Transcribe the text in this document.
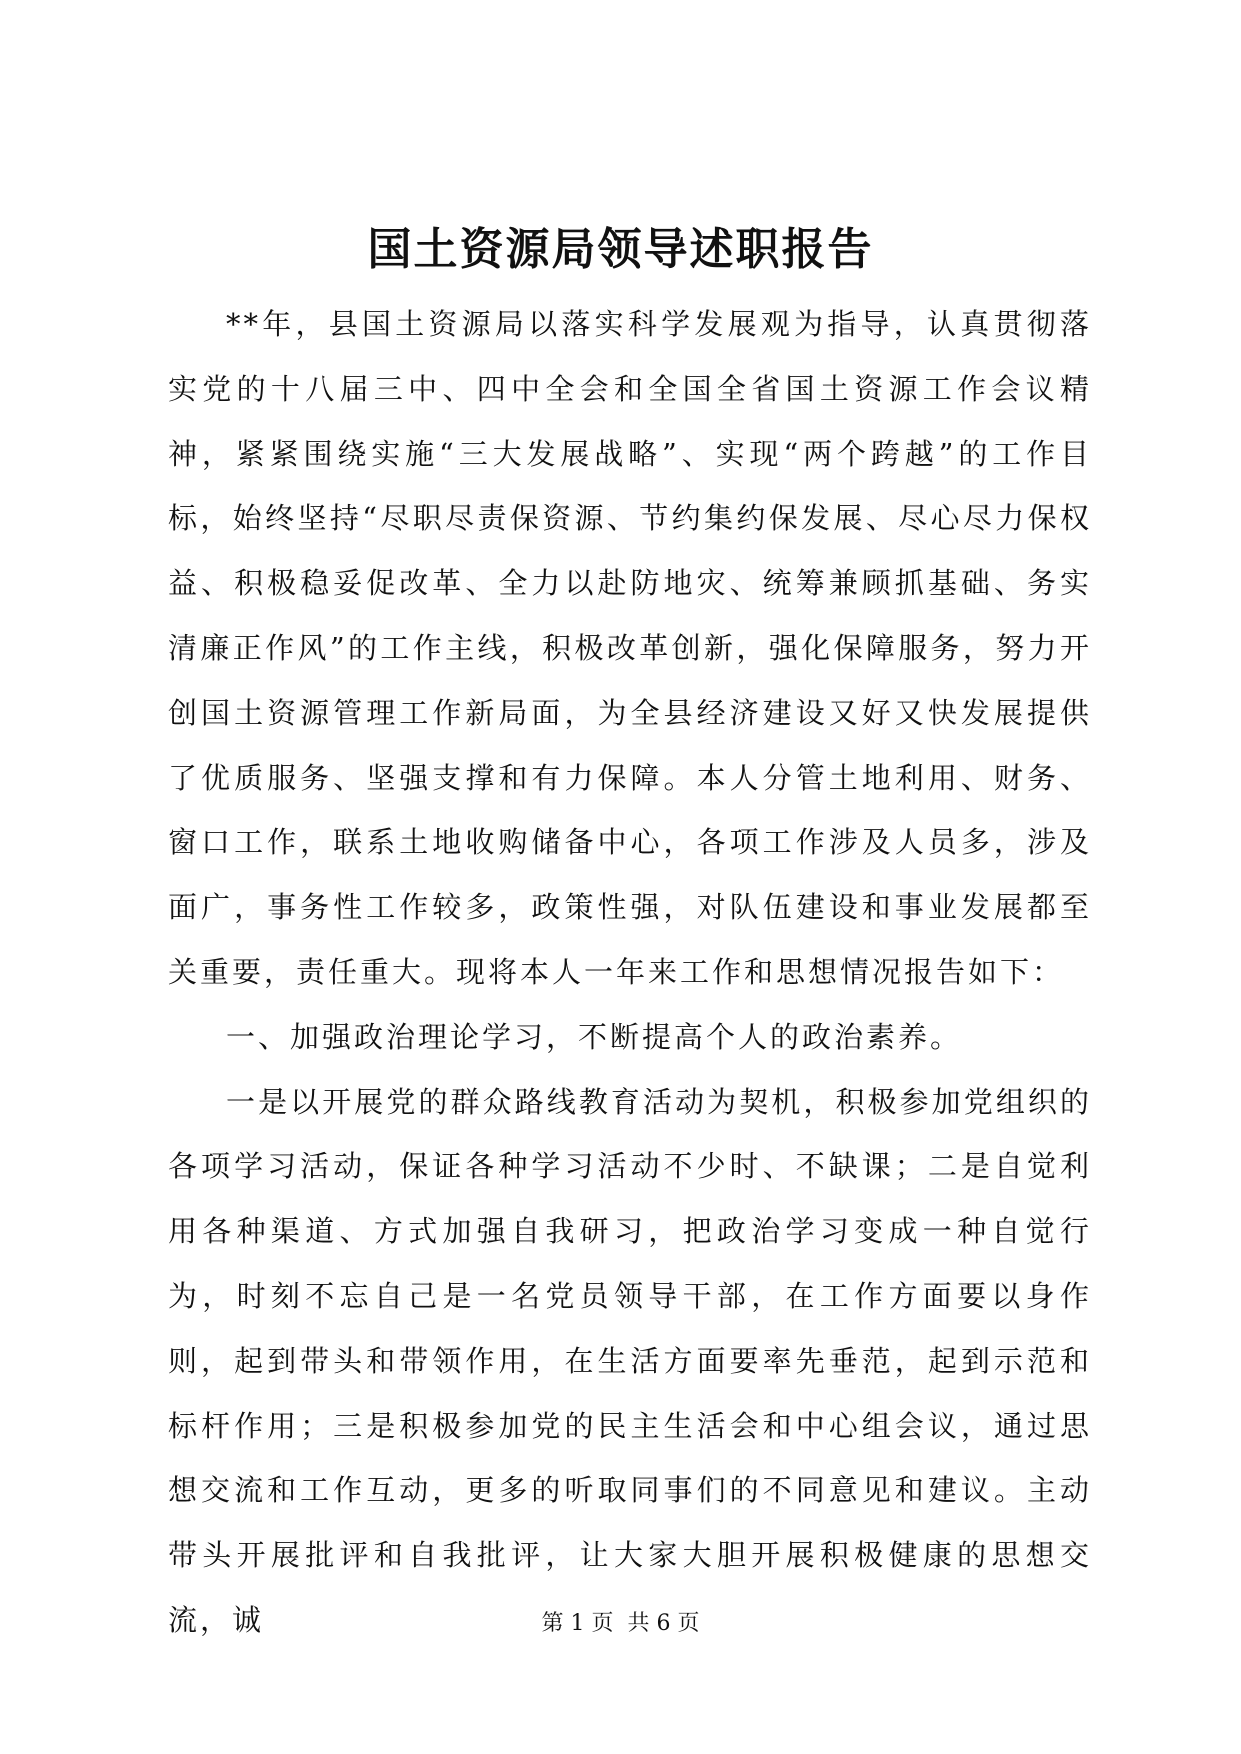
国土资源局领导述职报告

**年，县国土资源局以落实科学发展观为指导，认真贯彻落实党的十八届三中、四中全会和全国全省国土资源工作会议精神，紧紧围绕实施“三大发展战略”、实现“两个跨越”的工作目标，始终坚持“尽职尽责保资源、节约集约保发展、尽心尽力保权益、积极稳妥促改革、全力以赴防地灾、统筹兼顾抓基础、务实清廉正作风”的工作主线，积极改革创新，强化保障服务，努力开创国土资源管理工作新局面，为全县经济建设又好又快发展提供了优质服务、坚强支撑和有力保障。本人分管土地利用、财务、窗口工作，联系土地收购储备中心，各项工作涉及人员多，涉及面广，事务性工作较多，政策性强，对队伍建设和事业发展都至关重要，责任重大。现将本人一年来工作和思想情况报告如下：

一、加强政治理论学习，不断提高个人的政治素养。

一是以开展党的群众路线教育活动为契机，积极参加党组织的各项学习活动，保证各种学习活动不少时、不缺课；二是自觉利用各种渠道、方式加强自我研习，把政治学习变成一种自觉行为，时刻不忘自己是一名党员领导干部，在工作方面要以身作则，起到带头和带领作用，在生活方面要率先垂范，起到示范和标杆作用；三是积极参加党的民主生活会和中心组会议，通过思想交流和工作互动，更多的听取同事们的不同意见和建议。主动带头开展批评和自我批评，让大家大胆开展积极健康的思想交流，诚	第 1 页  共 6 页
